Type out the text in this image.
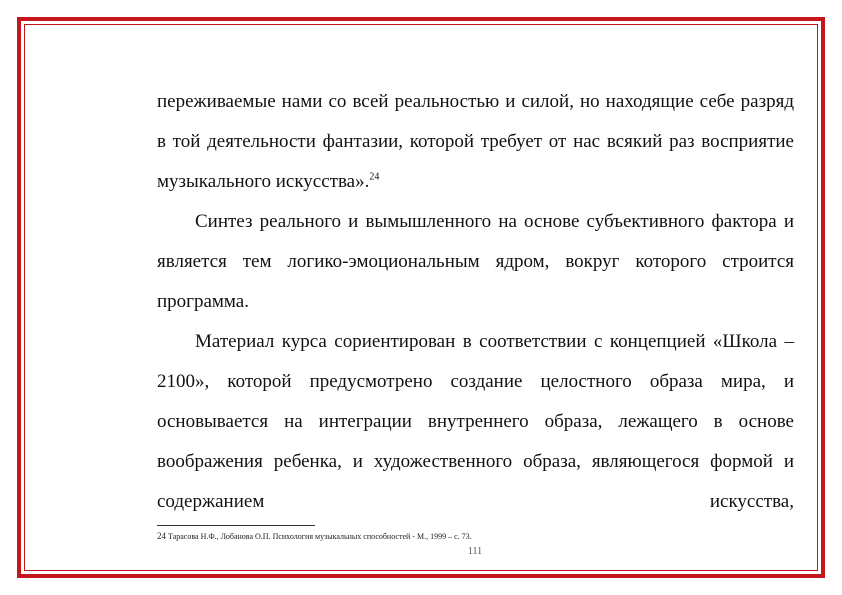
переживаемые нами со всей реальностью и силой, но находящие себе разряд в той деятельности фантазии, которой требует от нас всякий раз восприятие музыкального искусства».$^{24}$

Синтез реального и вымышленного на основе субъективного фактора и является тем логико-эмоциональным ядром, вокруг которого строится программа.

Материал курса сориентирован в соответствии с концепцией «Школа – 2100», которой предусмотрено создание целостного образа мира, и основывается на интеграции внутреннего образа, лежащего в основе воображения ребенка, и художественного образа, являющегося формой и содержанием искусства,

24 Тарасова Н.Ф., Лобанова О.П. Психология музыкальных способностей - М., 1999 – с. 73.
111
